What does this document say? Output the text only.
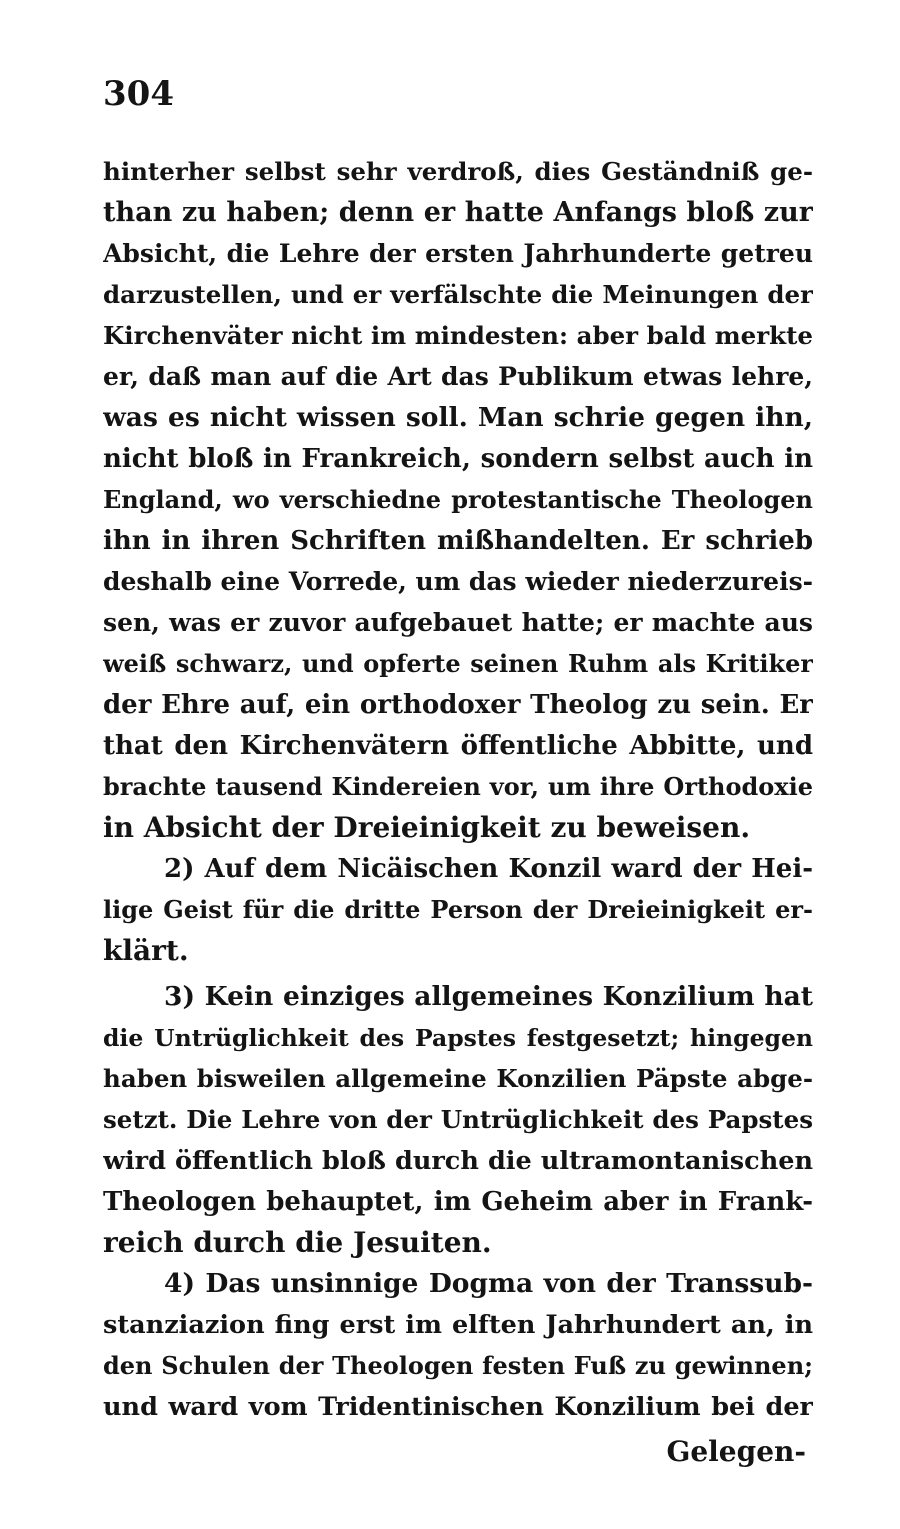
304
hinterher selbst sehr verdroß, dies Geständniß ge-
than zu haben; denn er hatte Anfangs bloß zur
Absicht, die Lehre der ersten Jahrhunderte getreu
darzustellen, und er verfälschte die Meinungen der
Kirchenväter nicht im mindesten: aber bald merkte
er, daß man auf die Art das Publikum etwas lehre,
was es nicht wissen soll. Man schrie gegen ihn,
nicht bloß in Frankreich, sondern selbst auch in
England, wo verschiedne protestantische Theologen
ihn in ihren Schriften mißhandelten. Er schrieb
deshalb eine Vorrede, um das wieder niederzureis-
sen, was er zuvor aufgebauet hatte; er machte aus
weiß schwarz, und opferte seinen Ruhm als Kritiker
der Ehre auf, ein orthodoxer Theolog zu sein. Er
that den Kirchenvätern öffentliche Abbitte, und
brachte tausend Kindereien vor, um ihre Orthodoxie
in Absicht der Dreieinigkeit zu beweisen.
2) Auf dem Nicäischen Konzil ward der Hei-
lige Geist für die dritte Person der Dreieinigkeit er-
klärt.
3) Kein einziges allgemeines Konzilium hat
die Untrüglichkeit des Papstes festgesetzt; hingegen
haben bisweilen allgemeine Konzilien Päpste abge-
setzt. Die Lehre von der Untrüglichkeit des Papstes
wird öffentlich bloß durch die ultramontanischen
Theologen behauptet, im Geheim aber in Frank-
reich durch die Jesuiten.
4) Das unsinnige Dogma von der Transsub-
stanziazion fing erst im elften Jahrhundert an, in
den Schulen der Theologen festen Fuß zu gewinnen;
und ward vom Tridentinischen Konzilium bei der
Gelegen-
